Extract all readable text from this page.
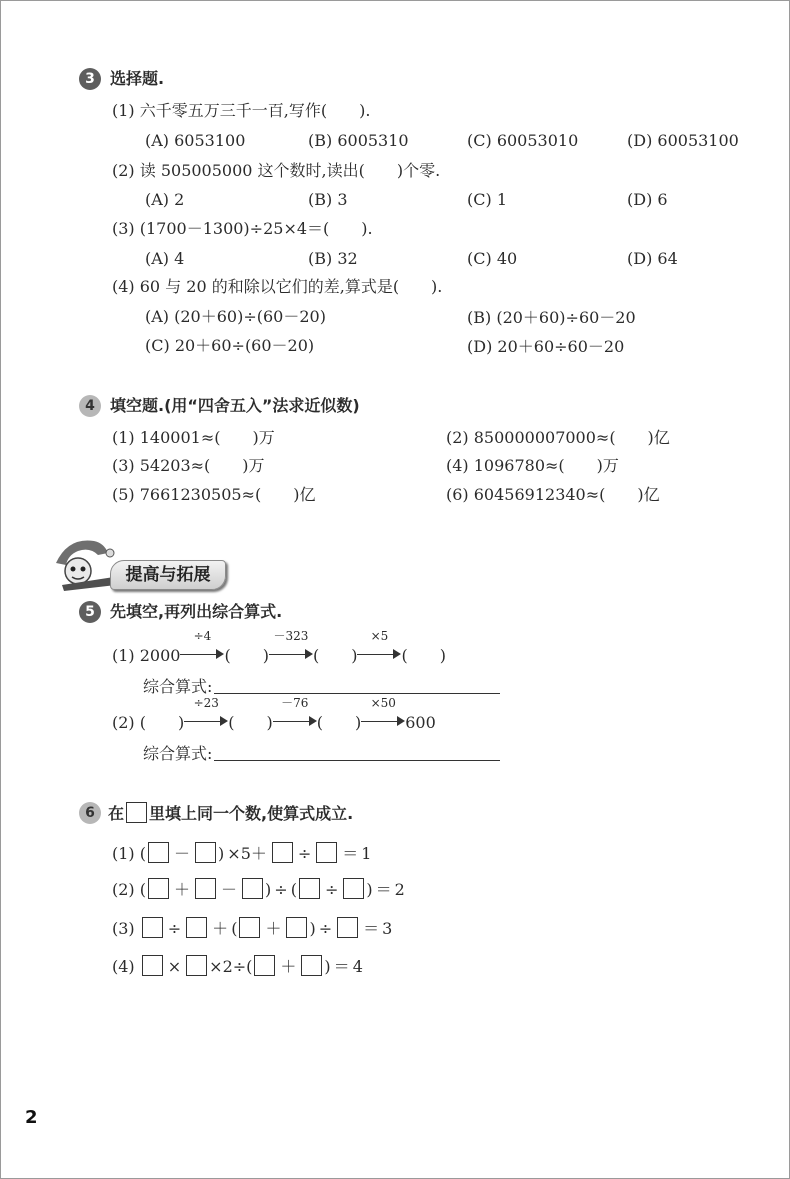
3 选择题.
(1) 六千零五万三千一百,写作(　　).
(A) 6053100	(B) 6005310	(C) 60053010	(D) 60053100
(2) 读 505005000 这个数时,读出(　　)个零.
(A) 2	(B) 3	(C) 1	(D) 6
(3) (1700－1300)÷25×4＝(　　).
(A) 4	(B) 32	(C) 40	(D) 64
(4) 60 与 20 的和除以它们的差,算式是(　　).
(A) (20＋60)÷(60－20)	(B) (20＋60)÷60－20
(C) 20＋60÷(60－20)	(D) 20＋60÷60－20
4 填空题.(用“四舍五入”法求近似数)
(1) 140001≈(　　)万	(2) 850000007000≈(　　)亿
(3) 54203≈(　　)万	(4) 1096780≈(　　)万
(5) 7661230505≈(　　)亿	(6) 60456912340≈(　　)亿
提高与拓展
5 先填空,再列出综合算式.
(1) 2000
÷4
(　　)
－323
(　　)
×5
(　　)
综合算式:
(2) (　　)
÷23
(　　)
－76
(　　)
×50
600
综合算式:
6 在 里填上同一个数,使算式成立.
(1) ( － ) ×5＋ ÷ ＝ 1
(2) ( ＋ － ) ÷ ( ÷ ) ＝ 2
(3) ÷ ＋ ( ＋ ) ÷ ＝ 3
(4) × ×2÷( ＋ ) ＝ 4
2
